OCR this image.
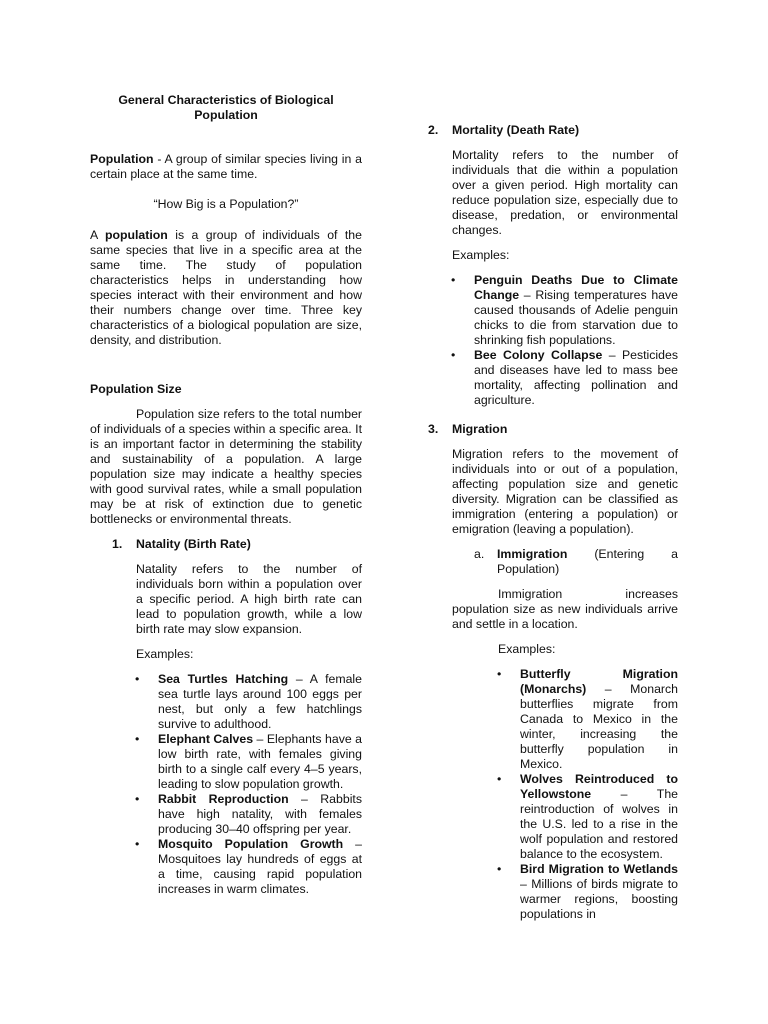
General Characteristics of Biological Population

Population - A group of similar species living in a certain place at the same time.

“How Big is a Population?”

A population is a group of individuals of the same species that live in a specific area at the same time. The study of population characteristics helps in understanding how species interact with their environment and how their numbers change over time. Three key characteristics of a biological population are size, density, and distribution.

Population Size

Population size refers to the total number of individuals of a species within a specific area. It is an important factor in determining the stability and sustainability of a population. A large population size may indicate a healthy species with good survival rates, while a small population may be at risk of extinction due to genetic bottlenecks or environmental threats.

1.	Natality (Birth Rate)

Natality refers to the number of individuals born within a population over a specific period. A high birth rate can lead to population growth, while a low birth rate may slow expansion.

Examples:

• Sea Turtles Hatching – A female sea turtle lays around 100 eggs per nest, but only a few hatchlings survive to adulthood.
• Elephant Calves – Elephants have a low birth rate, with females giving birth to a single calf every 4–5 years, leading to slow population growth.
• Rabbit Reproduction – Rabbits have high natality, with females producing 30–40 offspring per year.
• Mosquito Population Growth – Mosquitoes lay hundreds of eggs at a time, causing rapid population increases in warm climates.
2.	Mortality (Death Rate)

Mortality refers to the number of individuals that die within a population over a given period. High mortality can reduce population size, especially due to disease, predation, or environmental changes.

Examples:

• Penguin Deaths Due to Climate Change – Rising temperatures have caused thousands of Adelie penguin chicks to die from starvation due to shrinking fish populations.
• Bee Colony Collapse – Pesticides and diseases have led to mass bee mortality, affecting pollination and agriculture.
3.	Migration

Migration refers to the movement of individuals into or out of a population, affecting population size and genetic diversity. Migration can be classified as immigration (entering a population) or emigration (leaving a population).

a.	Immigration (Entering a Population)

Immigration increases population size as new individuals arrive and settle in a location.

Examples:

• Butterfly Migration (Monarchs) – Monarch butterflies migrate from Canada to Mexico in the winter, increasing the butterfly population in Mexico.
• Wolves Reintroduced to Yellowstone – The reintroduction of wolves in the U.S. led to a rise in the wolf population and restored balance to the ecosystem.
• Bird Migration to Wetlands – Millions of birds migrate to warmer regions, boosting populations in
